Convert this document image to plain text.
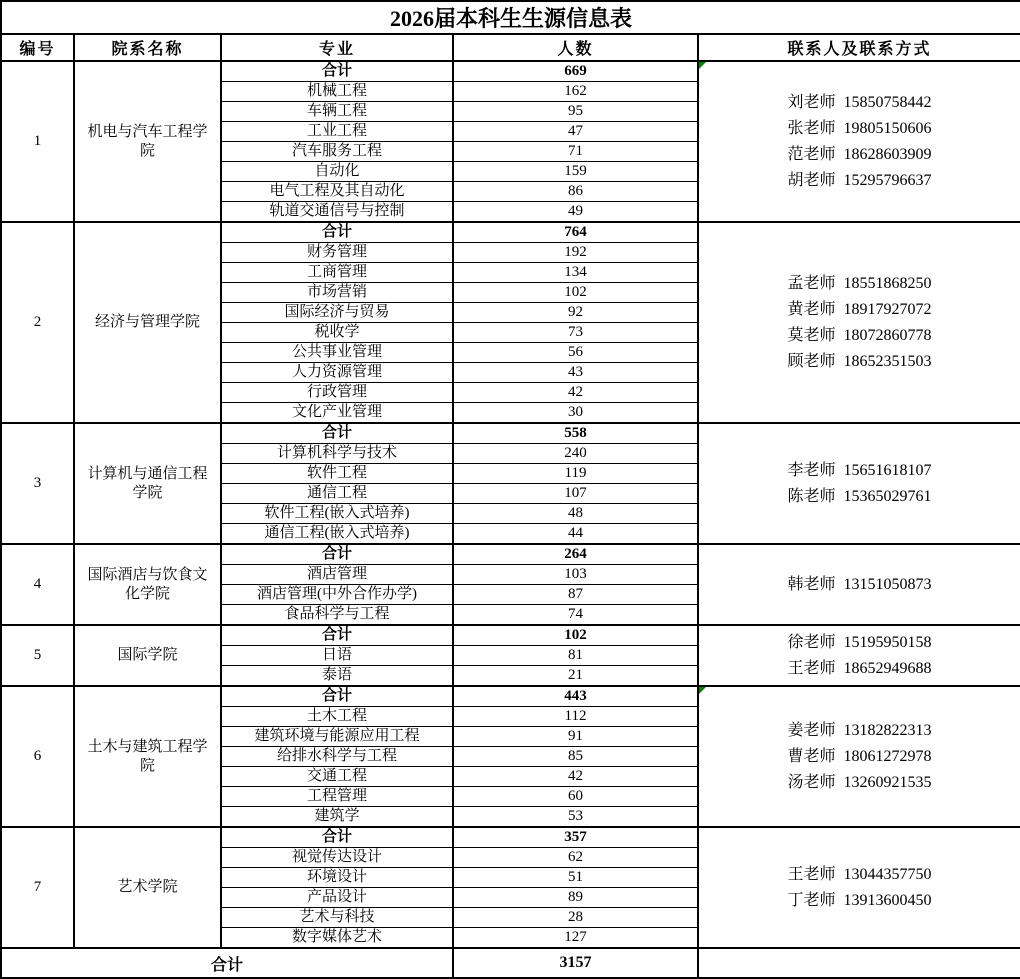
2026届本科生生源信息表				
编号	院系名称	专业	人数	联系人及联系方式
1	机电与汽车工程学院	合计	669	刘老师  15850758442
张老师  19805150606
范老师  18628603909
胡老师  15295796637

		机械工程	162	
		车辆工程	95	
		工业工程	47	
		汽车服务工程	71	
		自动化	159	
		电气工程及其自动化	86	
		轨道交通信号与控制	49	
2	经济与管理学院	合计	764	孟老师  18551868250
黄老师  18917927072
莫老师  18072860778
顾老师  18652351503

		财务管理	192	
		工商管理	134	
		市场营销	102	
		国际经济与贸易	92	
		税收学	73	
		公共事业管理	56	
		人力资源管理	43	
		行政管理	42	
		文化产业管理	30	
3	计算机与通信工程学院	合计	558	李老师  15651618107
陈老师  15365029761

		计算机科学与技术	240	
		软件工程	119	
		通信工程	107	
		软件工程(嵌入式培养)	48	
		通信工程(嵌入式培养)	44	
4	国际酒店与饮食文化学院	合计	264	韩老师  13151050873

		酒店管理	103	
		酒店管理(中外合作办学)	87	
		食品科学与工程	74	
5	国际学院	合计	102	徐老师  15195950158
王老师  18652949688

		日语	81	
		泰语	21	
6	土木与建筑工程学院	合计	443	姜老师  13182822313
曹老师  18061272978
汤老师  13260921535

		土木工程	112	
		建筑环境与能源应用工程	91	
		给排水科学与工程	85	
		交通工程	42	
		工程管理	60	
		建筑学	53	
7	艺术学院	合计	357	王老师  13044357750
丁老师  13913600450

		视觉传达设计	62	
		环境设计	51	
		产品设计	89	
		艺术与科技	28	
		数字媒体艺术	127	
合计			3157	
